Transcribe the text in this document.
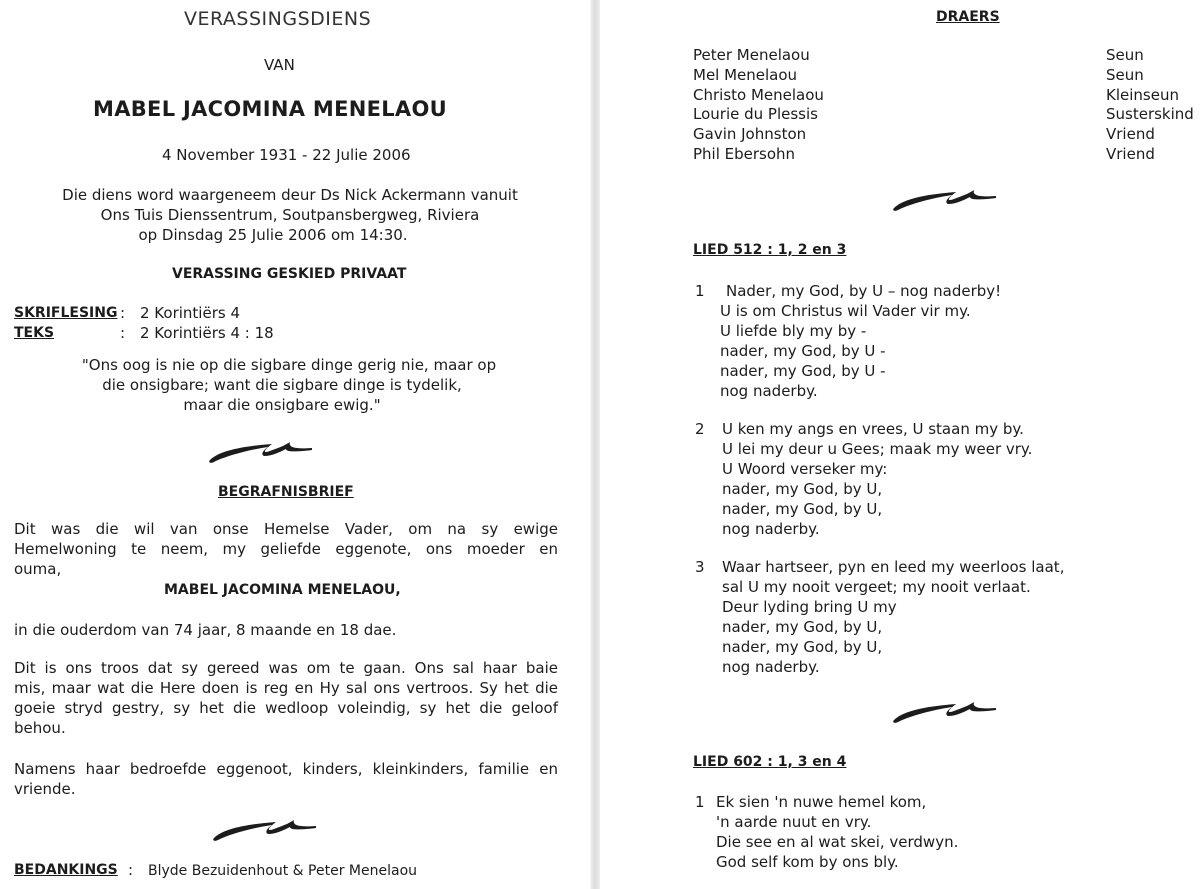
VERASSINGSDIENS
VAN
MABEL JACOMINA MENELAOU
4 November 1931 - 22 Julie 2006
Die diens word waargeneem deur Ds Nick Ackermann vanuit
Ons Tuis Dienssentrum, Soutpansbergweg, Riviera
op Dinsdag 25 Julie 2006 om 14:30.
VERASSING GESKIED PRIVAAT
SKRIFLESING : 2 Korintiërs 4
TEKS	: 2 Korintiërs 4 : 18
"Ons oog is nie op die sigbare dinge gerig nie, maar op
die onsigbare; want die sigbare dinge is tydelik,
maar die onsigbare ewig."
BEGRAFNISBRIEF
Dit was die wil van onse Hemelse Vader, om na sy ewige
Hemelwoning te neem, my geliefde eggenote, ons moeder en
ouma,
MABEL JACOMINA MENELAOU,
in die ouderdom van 74 jaar, 8 maande en 18 dae.
Dit is ons troos dat sy gereed was om te gaan. Ons sal haar baie
mis, maar wat die Here doen is reg en Hy sal ons vertroos. Sy het die
goeie stryd gestry, sy het die wedloop voleindig, sy het die geloof
behou.
Namens haar bedroefde eggenoot, kinders, kleinkinders, familie en
vriende.
BEDANKINGS : Blyde Bezuidenhout & Peter Menelaou
DRAERS
Peter Menelaou	Seun
Mel Menelaou	Seun
Christo Menelaou	Kleinseun
Lourie du Plessis	Susterskind
Gavin Johnston	Vriend
Phil Ebersohn	Vriend
LIED 512 : 1, 2 en 3
1 Nader, my God, by U – nog naderby!
U is om Christus wil Vader vir my.
U liefde bly my by -
nader, my God, by U -
nader, my God, by U -
nog naderby.
2 U ken my angs en vrees, U staan my by.
U lei my deur u Gees; maak my weer vry.
U Woord verseker my:
nader, my God, by U,
nader, my God, by U,
nog naderby.
3 Waar hartseer, pyn en leed my weerloos laat,
sal U my nooit vergeet; my nooit verlaat.
Deur lyding bring U my
nader, my God, by U,
nader, my God, by U,
nog naderby.
LIED 602 : 1, 3 en 4
1 Ek sien 'n nuwe hemel kom,
'n aarde nuut en vry.
Die see en al wat skei, verdwyn.
God self kom by ons bly.
